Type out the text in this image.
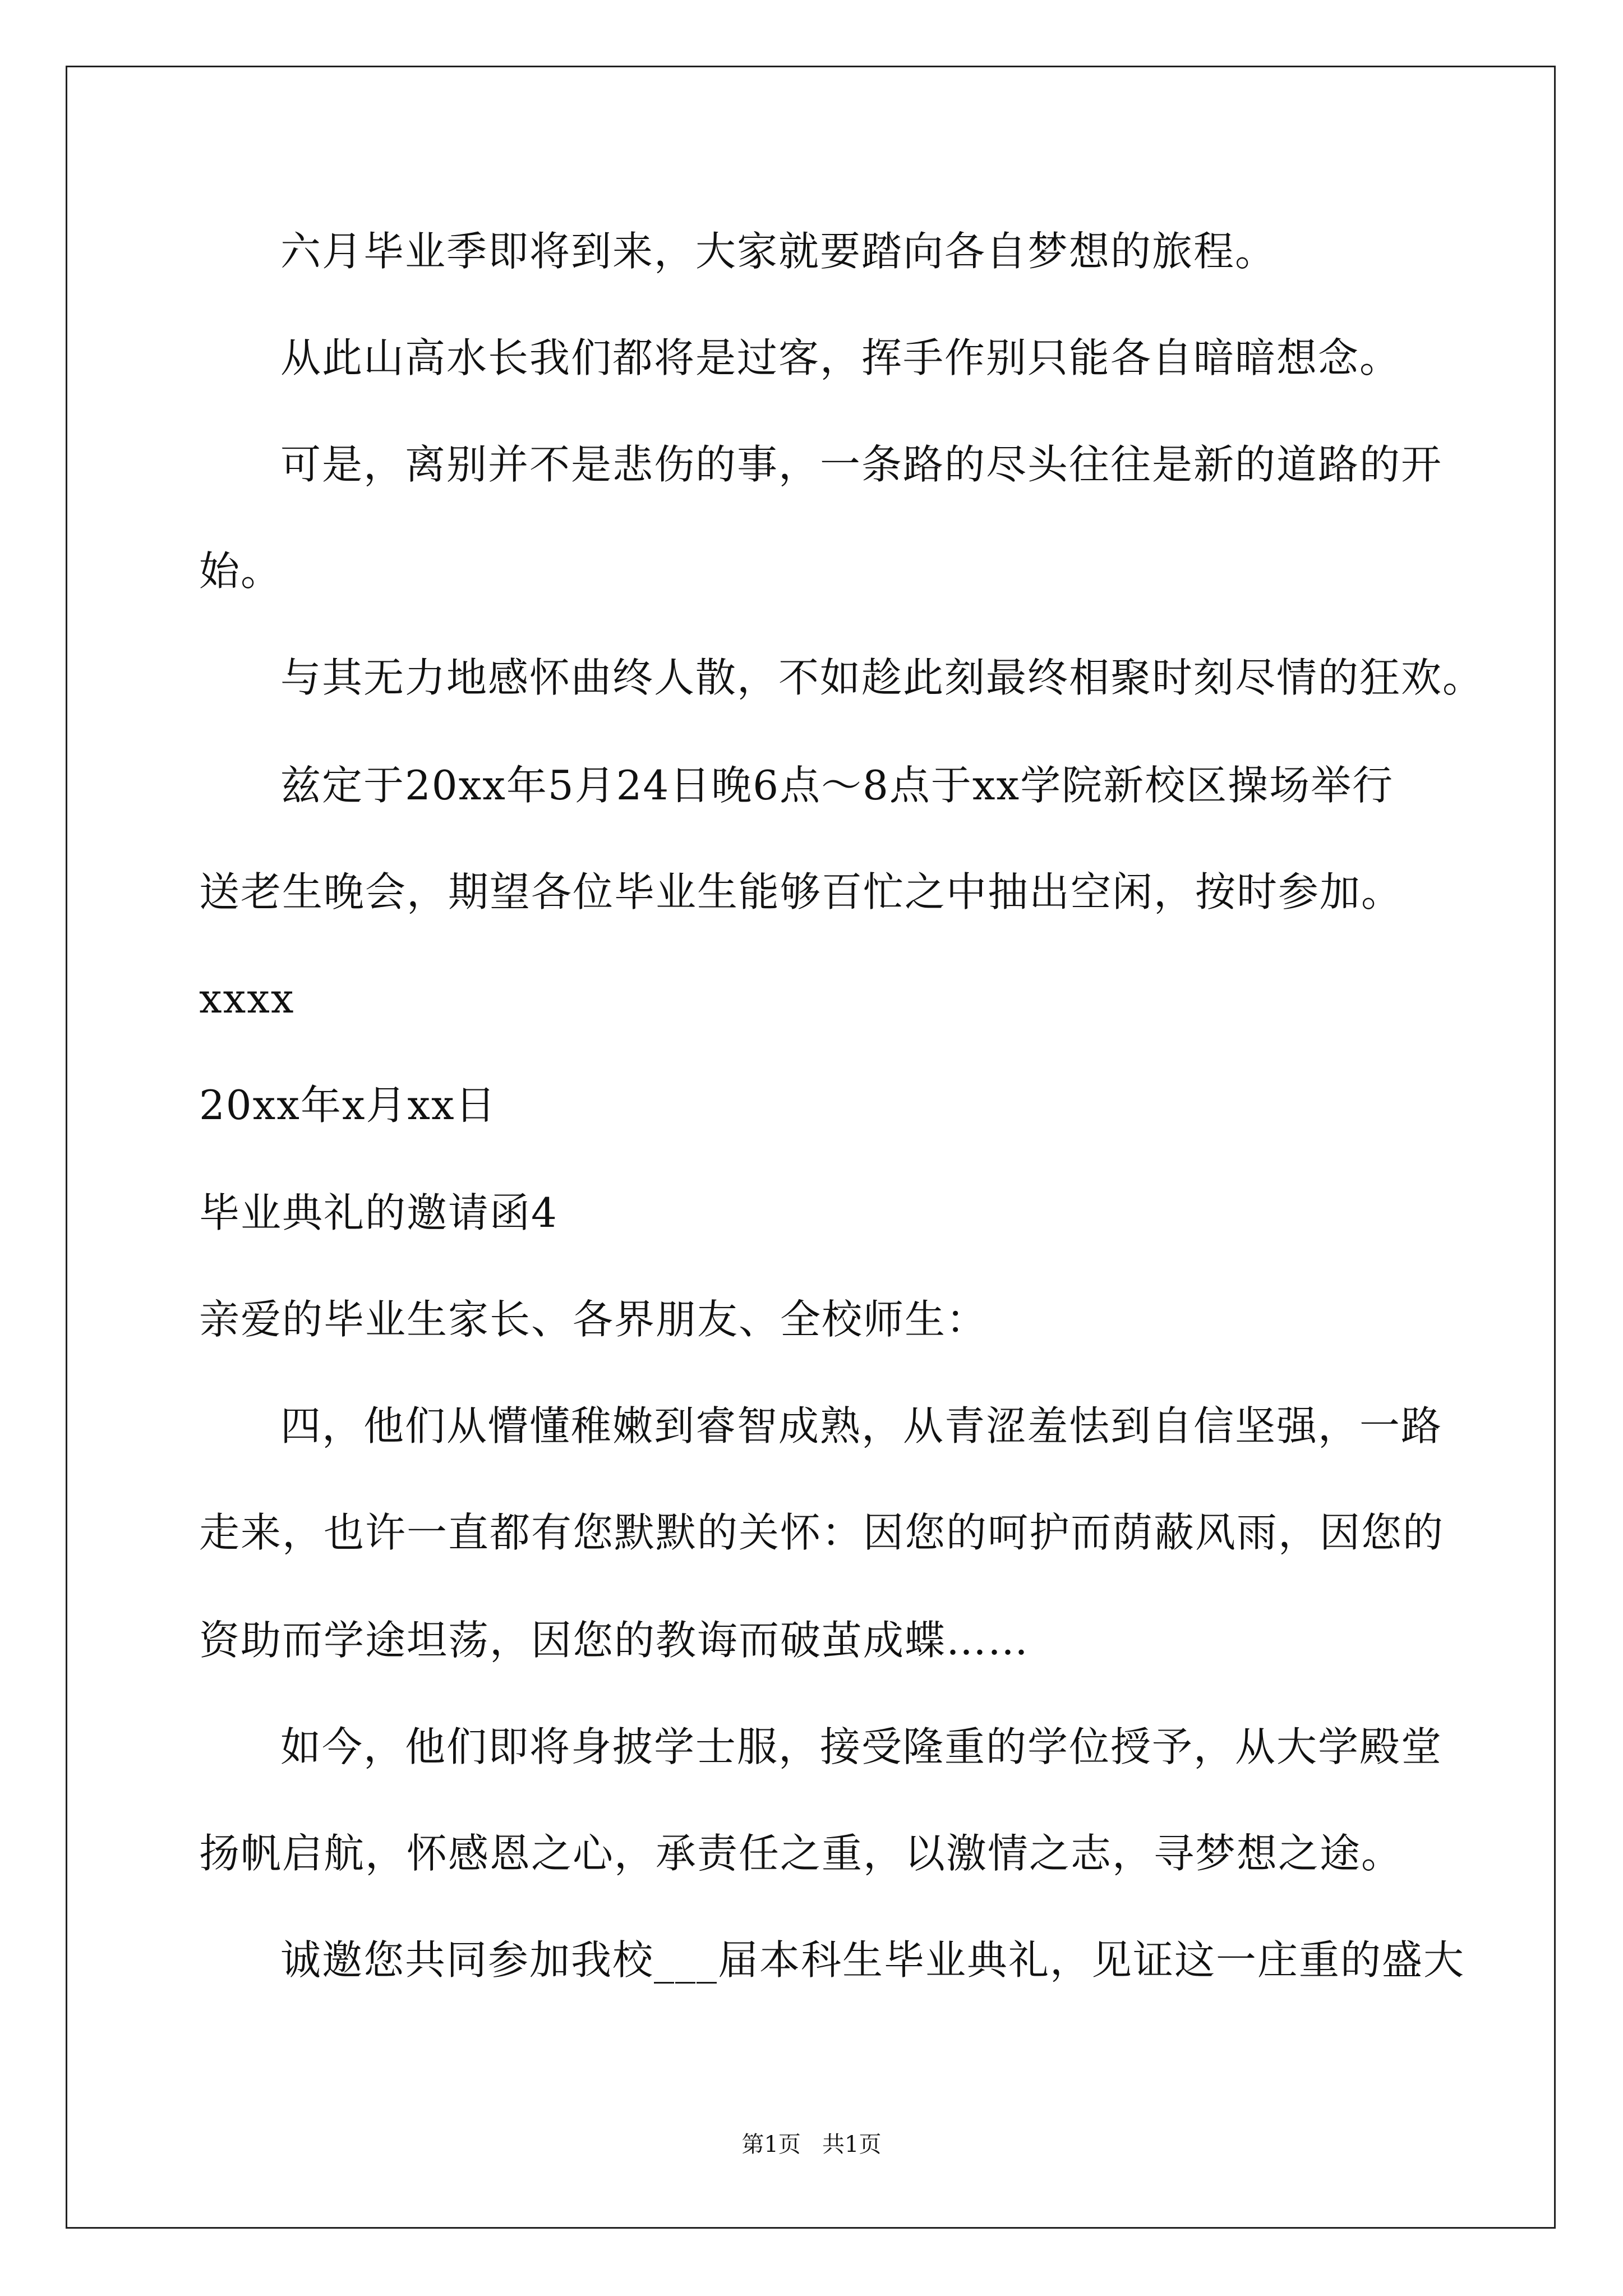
六月毕业季即将到来，大家就要踏向各自梦想的旅程。
从此山高水长我们都将是过客，挥手作别只能各自暗暗想念。
可是，离别并不是悲伤的事，一条路的尽头往往是新的道路的开
始。
与其无力地感怀曲终人散，不如趁此刻最终相聚时刻尽情的狂欢。
兹定于20xx年5月24日晚6点～8点于xx学院新校区操场举行
送老生晚会，期望各位毕业生能够百忙之中抽出空闲，按时参加。
xxxx
20xx年x月xx日
毕业典礼的邀请函4
亲爱的毕业生家长、各界朋友、全校师生：
四，他们从懵懂稚嫩到睿智成熟，从青涩羞怯到自信坚强，一路
走来，也许一直都有您默默的关怀：因您的呵护而荫蔽风雨，因您的
资助而学途坦荡，因您的教诲而破茧成蝶……
如今，他们即将身披学士服，接受隆重的学位授予，从大学殿堂
扬帆启航，怀感恩之心，承责任之重，以激情之志，寻梦想之途。
诚邀您共同参加我校___届本科生毕业典礼，见证这一庄重的盛大
第1页   共1页
